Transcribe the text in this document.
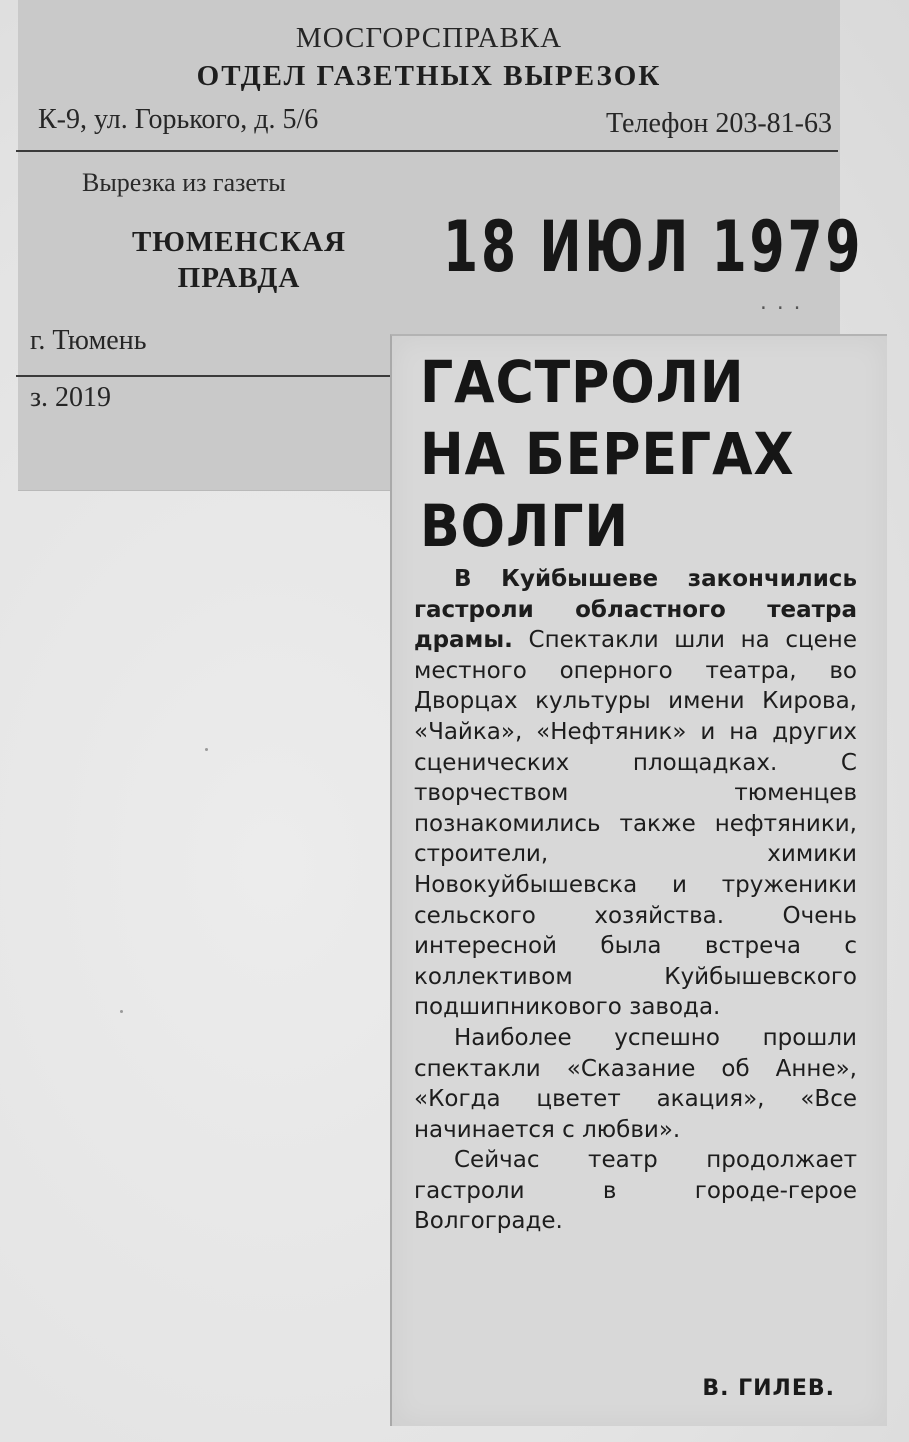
МОСГОРСПРАВКА
ОТДЕЛ ГАЗЕТНЫХ ВЫРЕЗОК
К-9, ул. Горького, д. 5/6	Телефон 203-81-63
Вырезка из газеты
ТЮМЕНСКАЯ
ПРАВДА	18 ИЮЛ 1979
···
г. Тюмень
з. 2019	ГАСТРОЛИ
НА БЕРЕГАХ
ВОЛГИ

В Куйбышеве закончились гастроли областного театра драмы. Спектакли шли на сцене местного оперного театра, во Дворцах культуры имени Кирова, «Чайка», «Нефтяник» и на других сценических площадках. С творчеством тюменцев познакомились также нефтяники, строители, химики Новокуйбышевска и труженики сельского хозяйства. Очень интересной была встреча с коллективом Куйбышевского подшипникового завода.

Наиболее успешно прошли спектакли «Сказание об Анне», «Когда цветет акация», «Все начинается с любви».

Сейчас театр продолжает гастроли в городе-герое Волгограде.

В. ГИЛЕВ.
